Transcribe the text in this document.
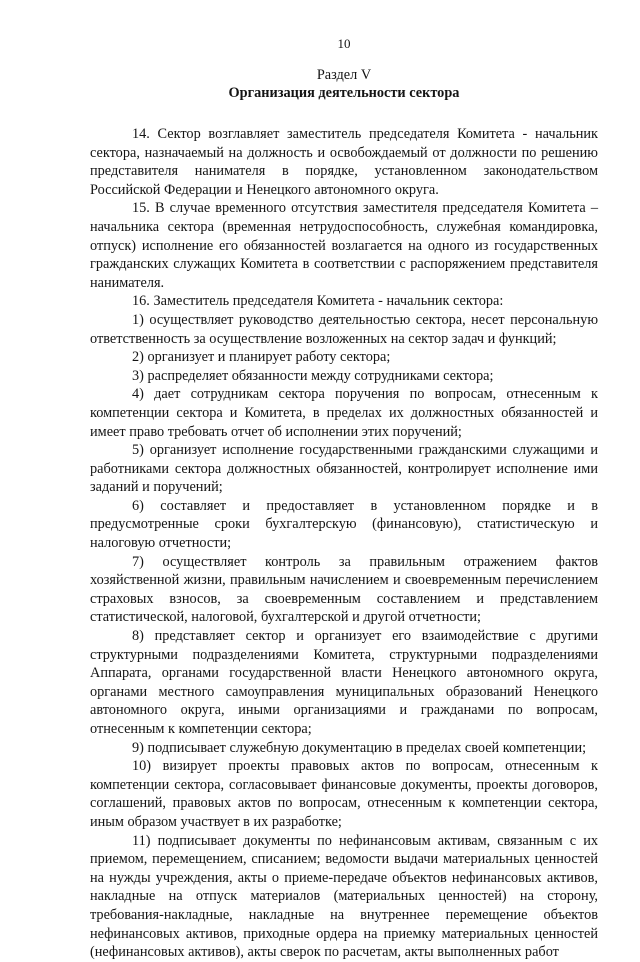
10
Раздел V
Организация деятельности сектора

14. Сектор возглавляет заместитель председателя Комитета - начальник сектора, назначаемый на должность и освобождаемый от должности по решению представителя нанимателя в порядке, установленном законодательством Российской Федерации и Ненецкого автономного округа.

15. В случае временного отсутствия заместителя председателя Комитета – начальника сектора (временная нетрудоспособность, служебная командировка, отпуск) исполнение его обязанностей возлагается на одного из государственных гражданских служащих Комитета в соответствии с распоряжением представителя нанимателя.

16. Заместитель председателя Комитета - начальник сектора:

1) осуществляет руководство деятельностью сектора, несет персональную ответственность за осуществление возложенных на сектор задач и функций;

2) организует и планирует работу сектора;

3) распределяет обязанности между сотрудниками сектора;

4) дает сотрудникам сектора поручения по вопросам, отнесенным к компетенции сектора и Комитета, в пределах их должностных обязанностей и имеет право требовать отчет об исполнении этих поручений;

5) организует исполнение государственными гражданскими служащими и работниками сектора должностных обязанностей, контролирует исполнение ими заданий и поручений;

6) составляет и предоставляет в установленном порядке и в предусмотренные сроки бухгалтерскую (финансовую), статистическую и налоговую отчетности;

7) осуществляет контроль за правильным отражением фактов хозяйственной жизни, правильным начислением и своевременным перечислением страховых взносов, за своевременным составлением и представлением статистической, налоговой, бухгалтерской и другой отчетности;

8) представляет сектор и организует его взаимодействие с другими структурными подразделениями Комитета, структурными подразделениями Аппарата, органами государственной власти Ненецкого автономного округа, органами местного самоуправления муниципальных образований Ненецкого автономного округа, иными организациями и гражданами по вопросам, отнесенным к компетенции сектора;

9) подписывает служебную документацию в пределах своей компетенции;

10) визирует проекты правовых актов по вопросам, отнесенным к компетенции сектора, согласовывает финансовые документы, проекты договоров, соглашений, правовых актов по вопросам, отнесенным к компетенции сектора, иным образом участвует в их разработке;

11) подписывает документы по нефинансовым активам, связанным с их приемом, перемещением, списанием; ведомости выдачи материальных ценностей на нужды учреждения, акты о приеме-передаче объектов нефинансовых активов, накладные на отпуск материалов (материальных ценностей) на сторону, требования-накладные, накладные на внутреннее перемещение объектов нефинансовых активов, приходные ордера на приемку материальных ценностей (нефинансовых активов), акты сверок по расчетам, акты выполненных работ
